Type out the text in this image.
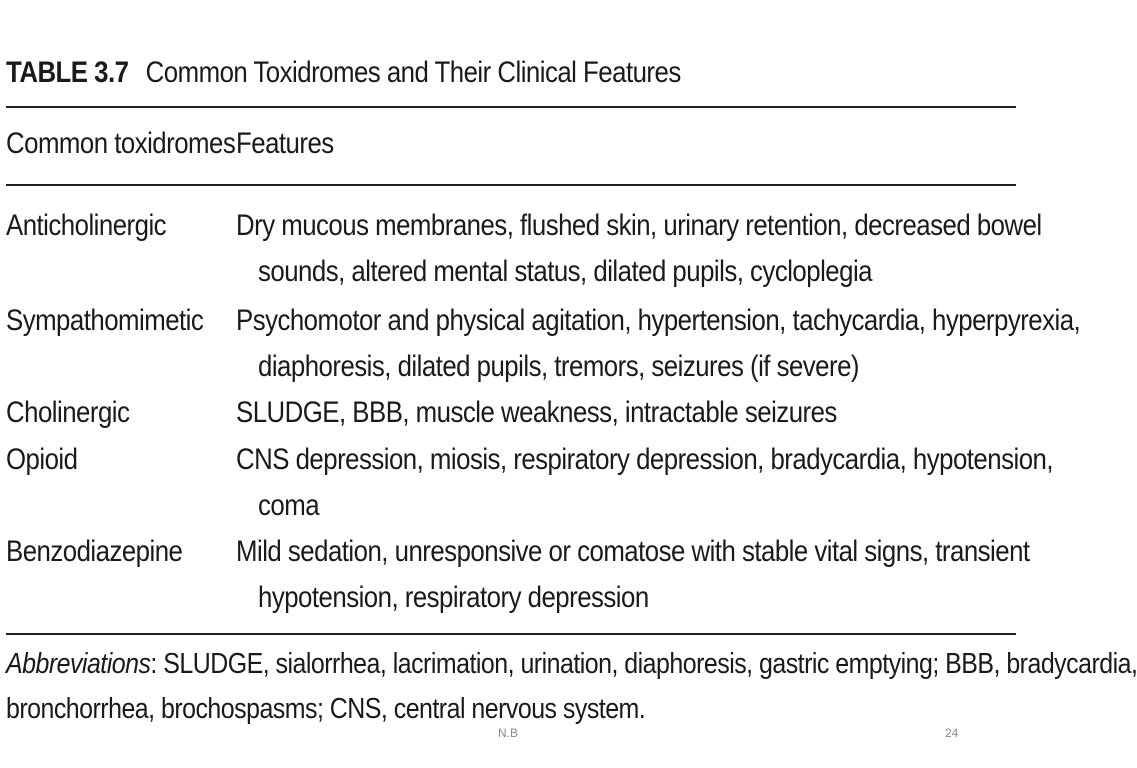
TABLE 3.7 Common Toxidromes and Their Clinical Features
Common toxidromes Features
Anticholinergic Dry mucous membranes, flushed skin, urinary retention, decreased bowel
sounds, altered mental status, dilated pupils, cycloplegia
Sympathomimetic Psychomotor and physical agitation, hypertension, tachycardia, hyperpyrexia,
diaphoresis, dilated pupils, tremors, seizures (if severe)
Cholinergic	SLUDGE, BBB, muscle weakness, intractable seizures
Opioid	CNS depression, miosis, respiratory depression, bradycardia, hypotension,
coma
Benzodiazepine Mild sedation, unresponsive or comatose with stable vital signs, transient
hypotension, respiratory depression
Abbreviations: SLUDGE, sialorrhea, lacrimation, urination, diaphoresis, gastric emptying; BBB, bradycardia,
bronchorrhea, brochospasms; CNS, central nervous system.
N.B	24
